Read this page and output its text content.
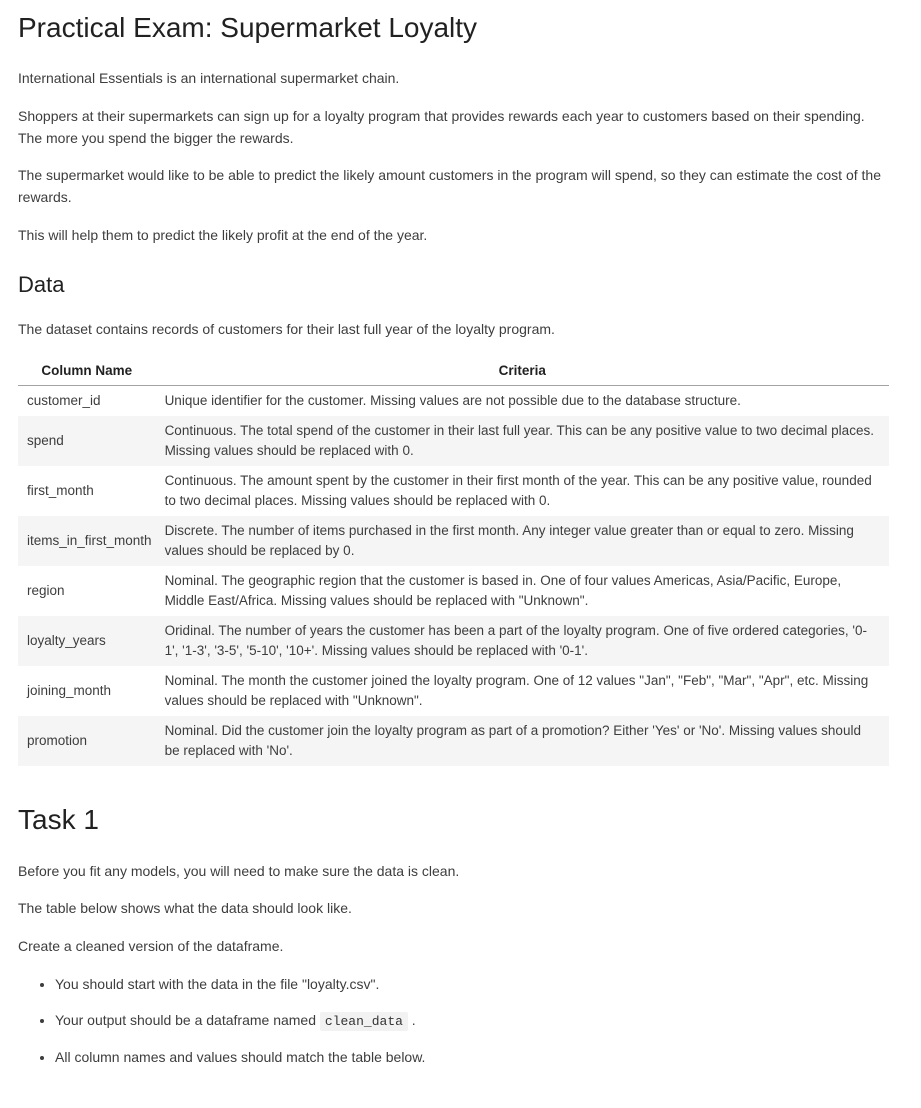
Practical Exam: Supermarket Loyalty

International Essentials is an international supermarket chain.

Shoppers at their supermarkets can sign up for a loyalty program that provides rewards each year to customers based on their spending. The more you spend the bigger the rewards.

The supermarket would like to be able to predict the likely amount customers in the program will spend, so they can estimate the cost of the rewards.

This will help them to predict the likely profit at the end of the year.

Data

The dataset contains records of customers for their last full year of the loyalty program.

Column Name	Criteria
customer_id	Unique identifier for the customer. Missing values are not possible due to the database structure.
spend	Continuous. The total spend of the customer in their last full year. This can be any positive value to two decimal places. Missing values should be replaced with 0.
first_month	Continuous. The amount spent by the customer in their first month of the year. This can be any positive value, rounded to two decimal places. Missing values should be replaced with 0.
items_in_first_month	Discrete. The number of items purchased in the first month. Any integer value greater than or equal to zero. Missing values should be replaced by 0.
region	Nominal. The geographic region that the customer is based in. One of four values Americas, Asia/Pacific, Europe, Middle East/Africa. Missing values should be replaced with "Unknown".
loyalty_years	Oridinal. The number of years the customer has been a part of the loyalty program. One of five ordered categories, '0-1', '1-3', '3-5', '5-10', '10+'. Missing values should be replaced with '0-1'.
joining_month	Nominal. The month the customer joined the loyalty program. One of 12 values "Jan", "Feb", "Mar", "Apr", etc. Missing values should be replaced with "Unknown".
promotion	Nominal. Did the customer join the loyalty program as part of a promotion? Either 'Yes' or 'No'. Missing values should be replaced with 'No'.
Task 1

Before you fit any models, you will need to make sure the data is clean.

The table below shows what the data should look like.

Create a cleaned version of the dataframe.

• You should start with the data in the file "loyalty.csv".
• Your output should be a dataframe named clean_data .
• All column names and values should match the table below.
